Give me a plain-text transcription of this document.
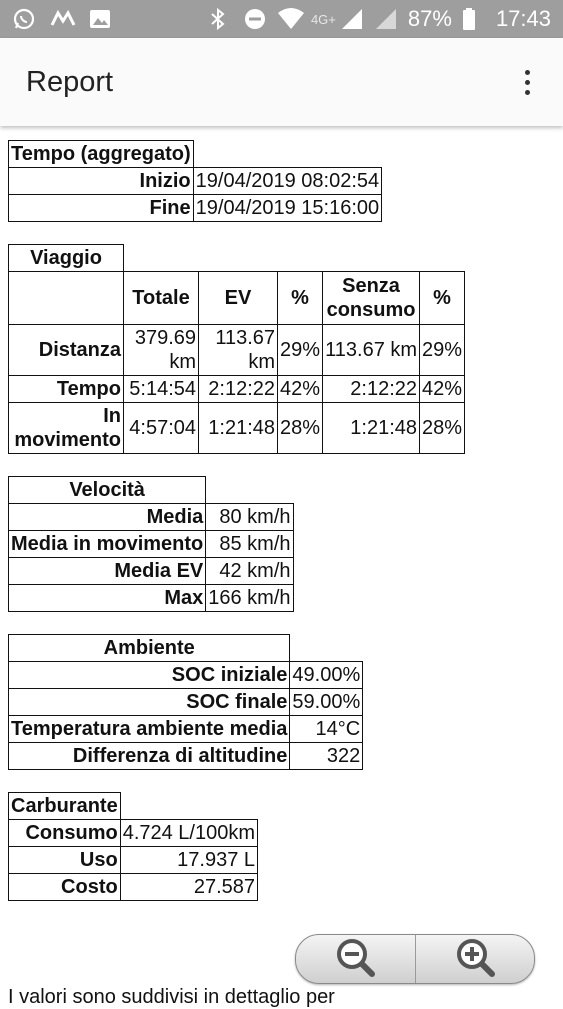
4G+	87% 17:43
Report
Tempo (aggregato)	
Inizio	19/04/2019 08:02:54
Fine	19/04/2019 15:16:00
Viaggio					
	Totale	EV	%	Senza consumo	%
Distanza	379.69 km	113.67 km	29%	113.67 km	29%
Tempo	5:14:54	2:12:22	42%	2:12:22	42%
In movimento	4:57:04	1:21:48	28%	1:21:48	28%
Velocità	
Media	80 km/h
Media in movimento	85 km/h
Media EV	42 km/h
Max	166 km/h
Ambiente	
SOC iniziale	49.00%
SOC finale	59.00%
Temperatura ambiente media	14°C
Differenza di altitudine	322
Carburante	
Consumo	4.724 L/100km
Uso	17.937 L
Costo	27.587
I valori sono suddivisi in dettaglio per
